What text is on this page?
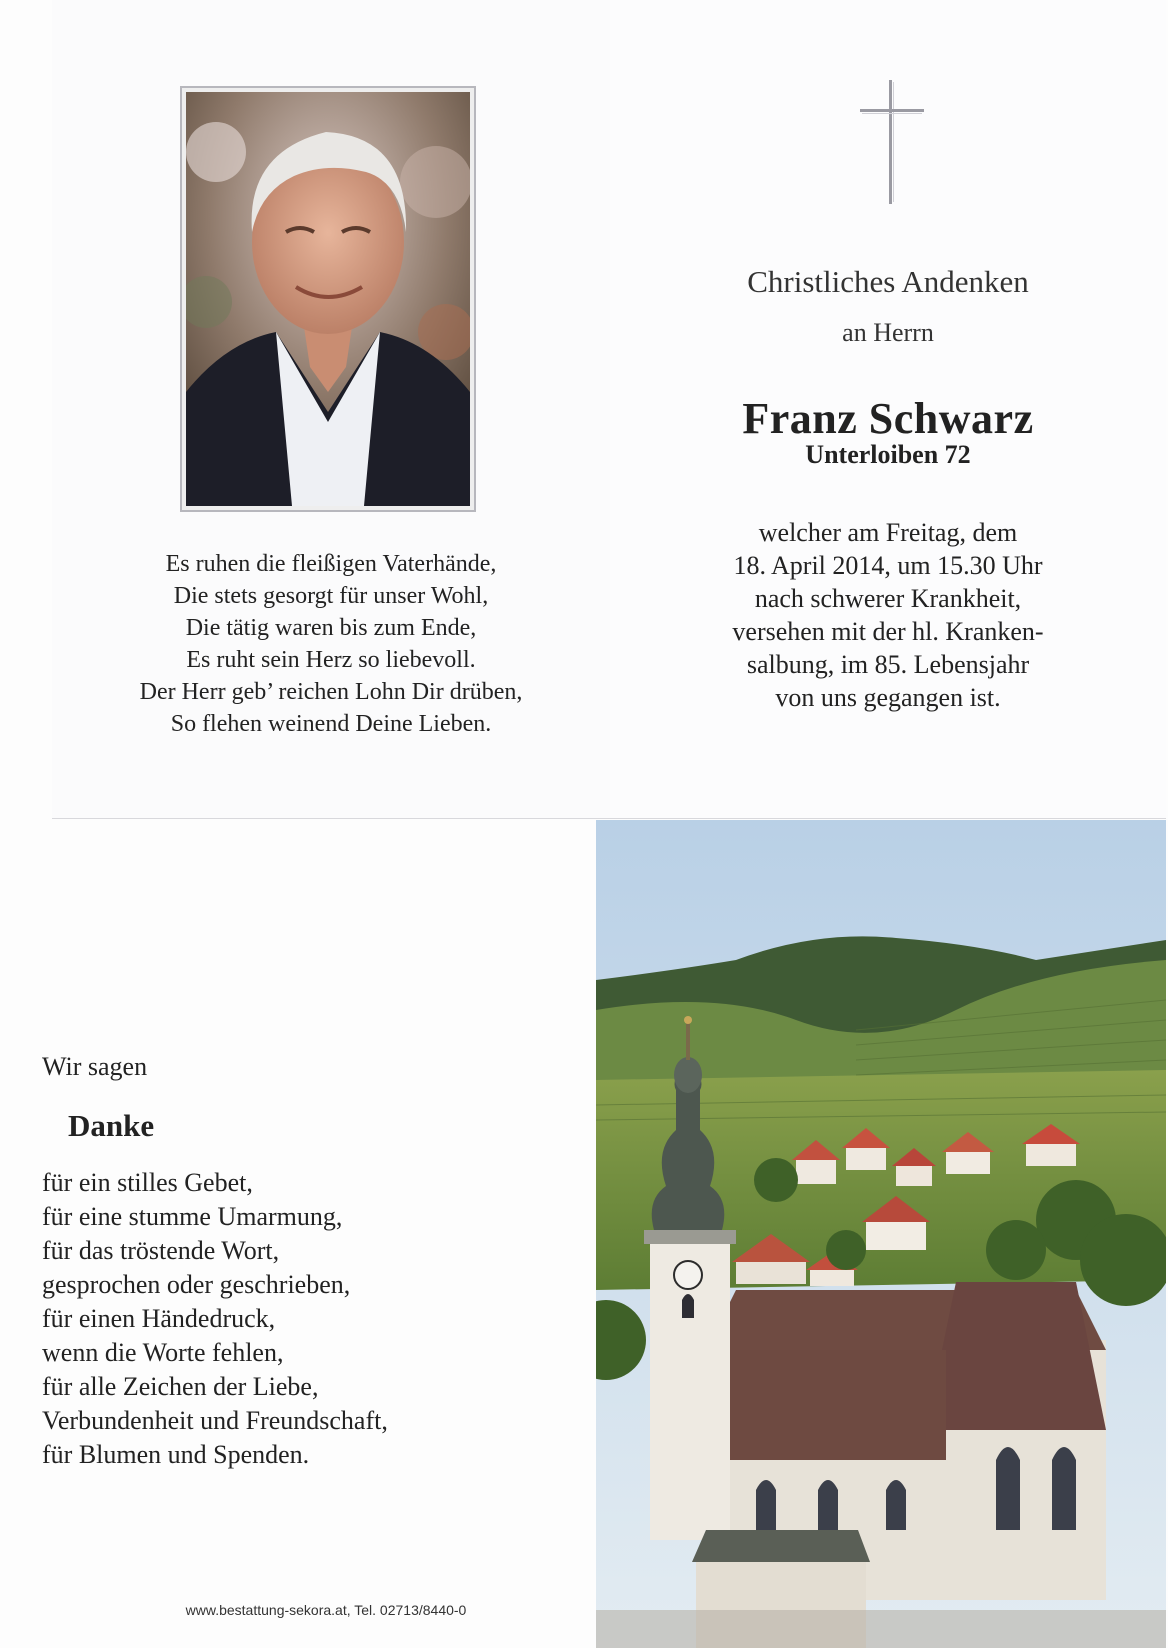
Es ruhen die fleißigen Vaterhände,
Die stets gesorgt für unser Wohl,
Die tätig waren bis zum Ende,
Es ruht sein Herz so liebevoll.
Der Herr geb’ reichen Lohn Dir drüben,
So flehen weinend Deine Lieben.
Christliches Andenken
an Herrn
Franz Schwarz
Unterloiben 72
welcher am Freitag, dem
18. April 2014, um 15.30 Uhr
nach schwerer Krankheit,
versehen mit der hl. Kranken-
salbung, im 85. Lebensjahr
von uns gegangen ist.
Wir sagen
Danke
für ein stilles Gebet,
für eine stumme Umarmung,
für das tröstende Wort,
gesprochen oder geschrieben,
für einen Händedruck,
wenn die Worte fehlen,
für alle Zeichen der Liebe,
Verbundenheit und Freundschaft,
für Blumen und Spenden.
www.bestattung-sekora.at, Tel. 02713/8440-0
